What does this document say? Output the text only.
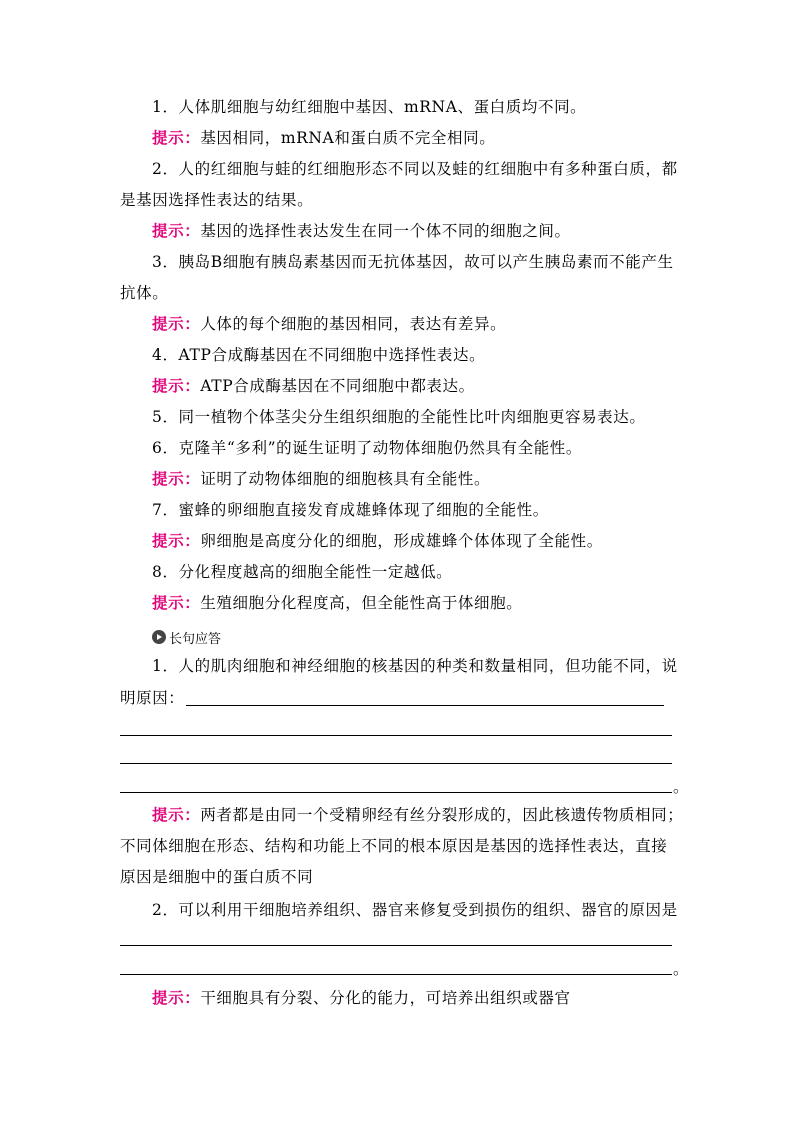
1．人体肌细胞与幼红细胞中基因、mRNA、蛋白质均不同。
提示：基因相同，mRNA和蛋白质不完全相同。
2．人的红细胞与蛙的红细胞形态不同以及蛙的红细胞中有多种蛋白质，都
是基因选择性表达的结果。
提示：基因的选择性表达发生在同一个体不同的细胞之间。
3．胰岛B细胞有胰岛素基因而无抗体基因，故可以产生胰岛素而不能产生
抗体。
提示：人体的每个细胞的基因相同，表达有差异。
4．ATP合成酶基因在不同细胞中选择性表达。
提示：ATP合成酶基因在不同细胞中都表达。
5．同一植物个体茎尖分生组织细胞的全能性比叶肉细胞更容易表达。
6．克隆羊“多利”的诞生证明了动物体细胞仍然具有全能性。
提示：证明了动物体细胞的细胞核具有全能性。
7．蜜蜂的卵细胞直接发育成雄蜂体现了细胞的全能性。
提示：卵细胞是高度分化的细胞，形成雄蜂个体体现了全能性。
8．分化程度越高的细胞全能性一定越低。
提示：生殖细胞分化程度高，但全能性高于体细胞。
长句应答
1．人的肌肉细胞和神经细胞的核基因的种类和数量相同，但功能不同，说
明原因：
。
提示：两者都是由同一个受精卵经有丝分裂形成的，因此核遗传物质相同；
不同体细胞在形态、结构和功能上不同的根本原因是基因的选择性表达，直接
原因是细胞中的蛋白质不同
2．可以利用干细胞培养组织、器官来修复受到损伤的组织、器官的原因是
。
提示：干细胞具有分裂、分化的能力，可培养出组织或器官
